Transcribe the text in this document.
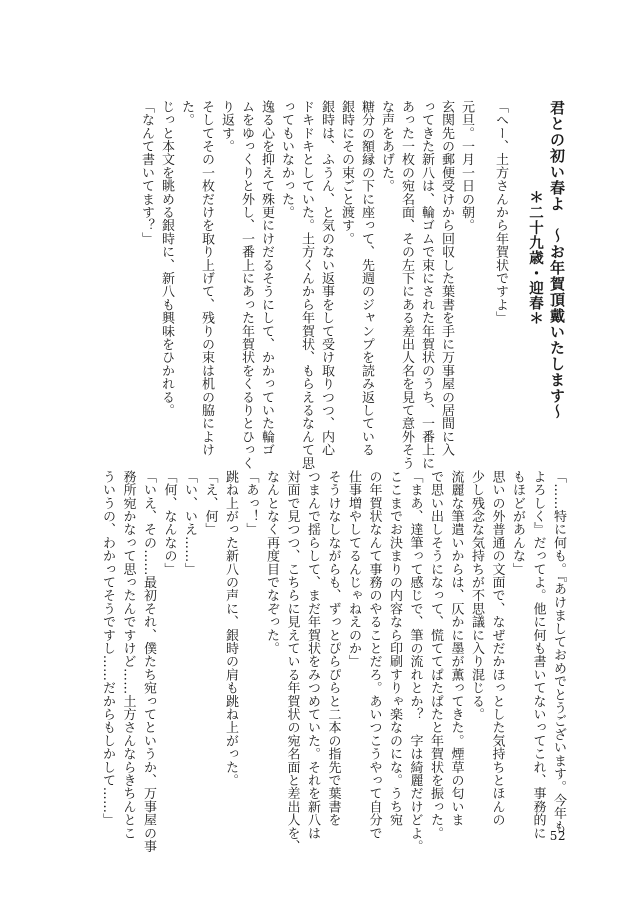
君との初い春よ　～お年賀頂戴いたします～
＊二十九歳・迎春＊
「へー、土方さんから年賀状ですよ」
元旦。一月一日の朝。
玄関先の郵便受けから回収した葉書を手に万事屋の居間に入
ってきた新八は、輪ゴムで束にされた年賀状のうち、一番上に
あった一枚の宛名面、その左下にある差出人名を見て意外そう
な声をあげた。
糖分の額縁の下に座って、先週のジャンプを読み返している
銀時にその束ごと渡す。
銀時は、ふうん、と気のない返事をして受け取りつつ、内心
ドキドキとしていた。土方くんから年賀状、もらえるなんて思
ってもいなかった。
逸る心を抑えて殊更にけだるそうにして、かかっていた輪ゴ
ムをゆっくりと外し、一番上にあった年賀状をくるりとひっく
り返す。
そしてその一枚だけを取り上げて、残りの束は机の脇によけ
た。
じっと本文を眺める銀時に、新八も興味をひかれる。
「なんて書いてます？」
「……特に何も。『あけましておめでとうございます。今年も
よろしく』だってよ。他に何も書いてないってこれ、事務的に
もほどがあんな」
思いの外普通の文面で、なぜだかほっとした気持ちとほんの
少し残念な気持ちが不思議に入り混じる。
流麗な筆遣いからは、仄かに墨が薫ってきた。煙草の匂いま
で思い出しそうになって、慌ててぱたぱたと年賀状を振った。
「まあ、達筆って感じで、筆の流れとか？　字は綺麗だけどよ。
ここまでお決まりの内容なら印刷すりゃ楽なのにな。うち宛
の年賀状なんて事務のやることだろ。あいつこうやって自分で
仕事増やしてるんじゃねえのか」
そうけなしながらも、ずっとぴらぴらと二本の指先で葉書を
つまんで揺らして、まだ年賀状をみつめていた。それを新八は
対面で見つつ、こちらに見えている年賀状の宛名面と差出人を、
なんとなく再度目でなぞった。
「あっ！」
跳ね上がった新八の声に、銀時の肩も跳ね上がった。
「え、何」
「い、いえ……」
「何、なんなの」
「いえ、その……最初それ、僕たち宛ってというか、万事屋の事
務所宛かなって思ったんですけど……土方さんならきちんとこ
ういうの、わかってそうですし……だからもしかして……」
52
